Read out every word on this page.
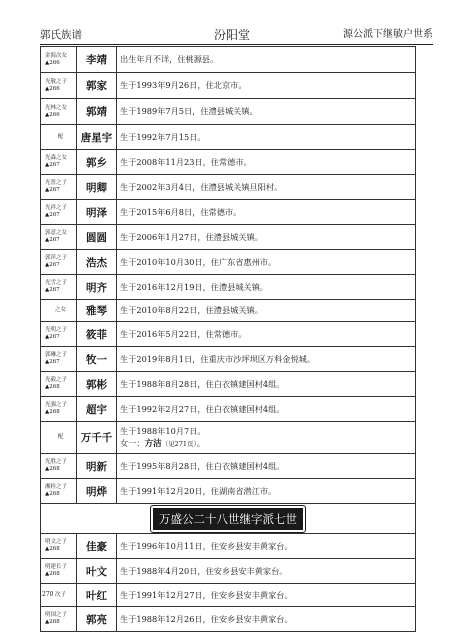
郭氏族谱	汾阳堂	源公派下继敏户世系
金海次女
▲266	李靖	出生年月不详，住桃源县。

光敬之子
▲266	郭家	生于1993年9月26日，住北京市。

光林之女
▲266	郭靖	生于1989年7月5日，住澧县城关镇。

配	唐星宇	生于1992年7月15日。

光森之女
▲267	郭乡	生于2008年11月23日，住常德市。

光普之子
▲267	明卿	生于2002年3月4日，住澧县城关镇旦阳村。

光祥之子
▲267	明泽	生于2015年6月8日，住常德市。

郭意之女
▲267	圆圆	生于2006年1月27日，住澧县城关镇。

郭萍之子
▲267	浩杰	生于2010年10月30日，住广东省惠州市。

光雪之子
▲267	明齐	生于2016年12月19日，住澧县城关镇。

之女	雅琴	生于2010年8月22日，住澧县城关镇。

光明之子
▲267	筱菲	生于2016年5月22日，住常德市。

郭琳之子
▲267	牧一	生于2019年8月1日，住重庆市沙坪坝区万科金悦城。

光毅之子
▲268	郭彬	生于1988年8月28日，住白衣镇建国村4组。

光强之子
▲268	超宇	生于1992年2月27日，住白衣镇建国村4组。

配	万千千	生于1988年10月7日。
女一：方洁（见271页）。

光胜之子
▲268	明新	生于1995年8月28日，住白衣镇建国村4组。

湘桂之子
▲268	明烨	生于1991年12月20日，住湖南省潜江市。
万盛公二十八世继字派七世		

明文之子
▲268	佳豪	生于1996年10月11日，住安乡县安丰黄家台。

明建长子
▲268	叶文	生于1988年4月20日，住安乡县安丰黄家台。

次子	叶红	生于1991年12月27日，住安乡县安丰黄家台。

明国之子
▲268	郭亮	生于1988年12月26日，住安乡县安丰黄家台。
270
